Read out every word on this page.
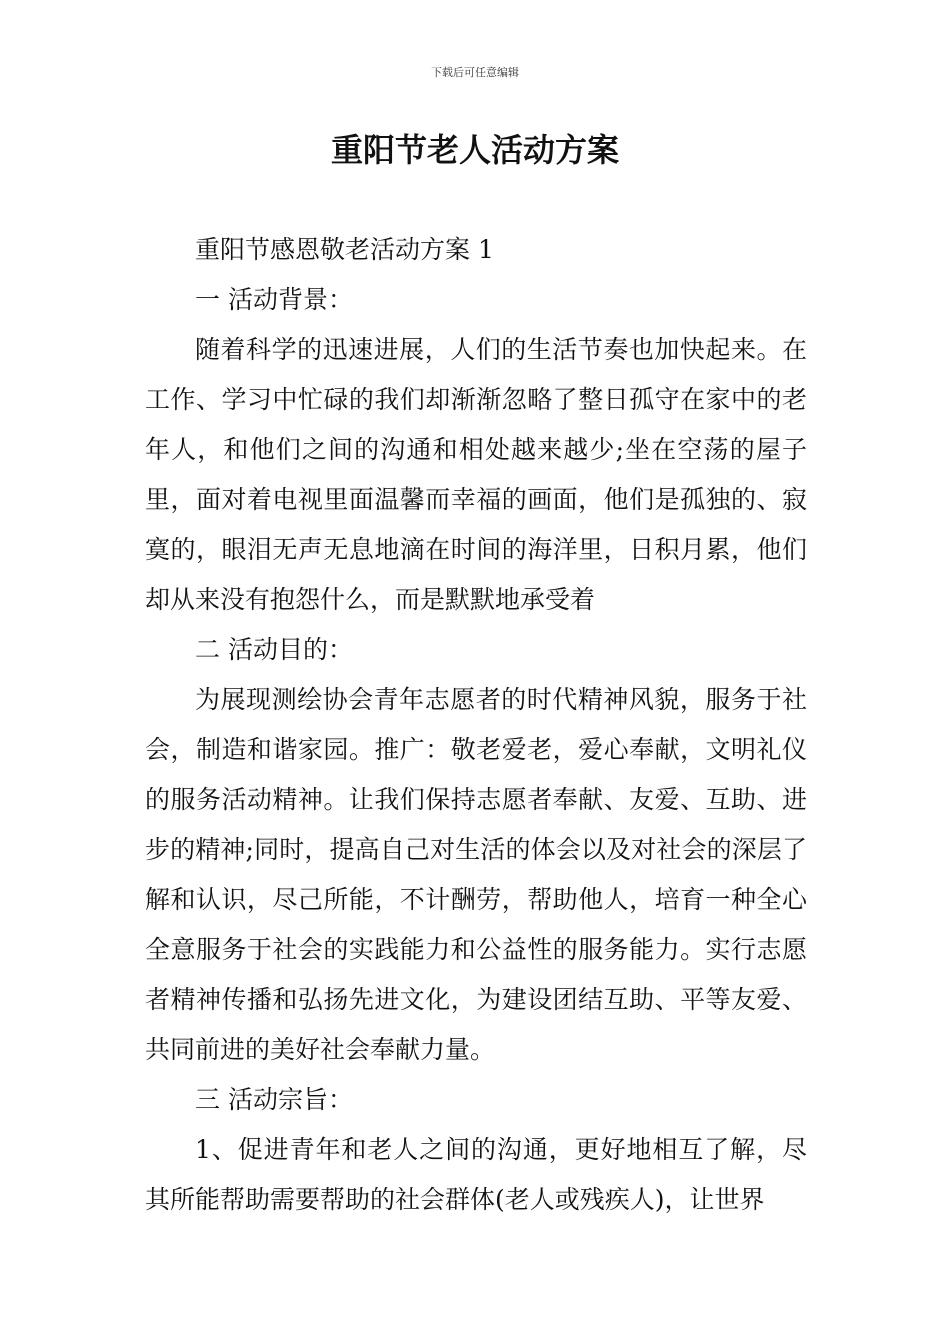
下载后可任意编辑
重阳节老人活动方案

重阳节感恩敬老活动方案 1

一 活动背景：

随着科学的迅速进展，人们的生活节奏也加快起来。在工作、学习中忙碌的我们却渐渐忽略了整日孤守在家中的老年人，和他们之间的沟通和相处越来越少;坐在空荡的屋子里，面对着电视里面温馨而幸福的画面，他们是孤独的、寂寞的，眼泪无声无息地滴在时间的海洋里，日积月累，他们却从来没有抱怨什么，而是默默地承受着

二 活动目的：

为展现测绘协会青年志愿者的时代精神风貌，服务于社会，制造和谐家园。推广：敬老爱老，爱心奉献，文明礼仪的服务活动精神。让我们保持志愿者奉献、友爱、互助、进步的精神;同时，提高自己对生活的体会以及对社会的深层了解和认识，尽己所能，不计酬劳，帮助他人，培育一种全心全意服务于社会的实践能力和公益性的服务能力。实行志愿者精神传播和弘扬先进文化，为建设团结互助、平等友爱、共同前进的美好社会奉献力量。

三 活动宗旨：

1、促进青年和老人之间的沟通，更好地相互了解，尽其所能帮助需要帮助的社会群体(老人或残疾人)，让世界
